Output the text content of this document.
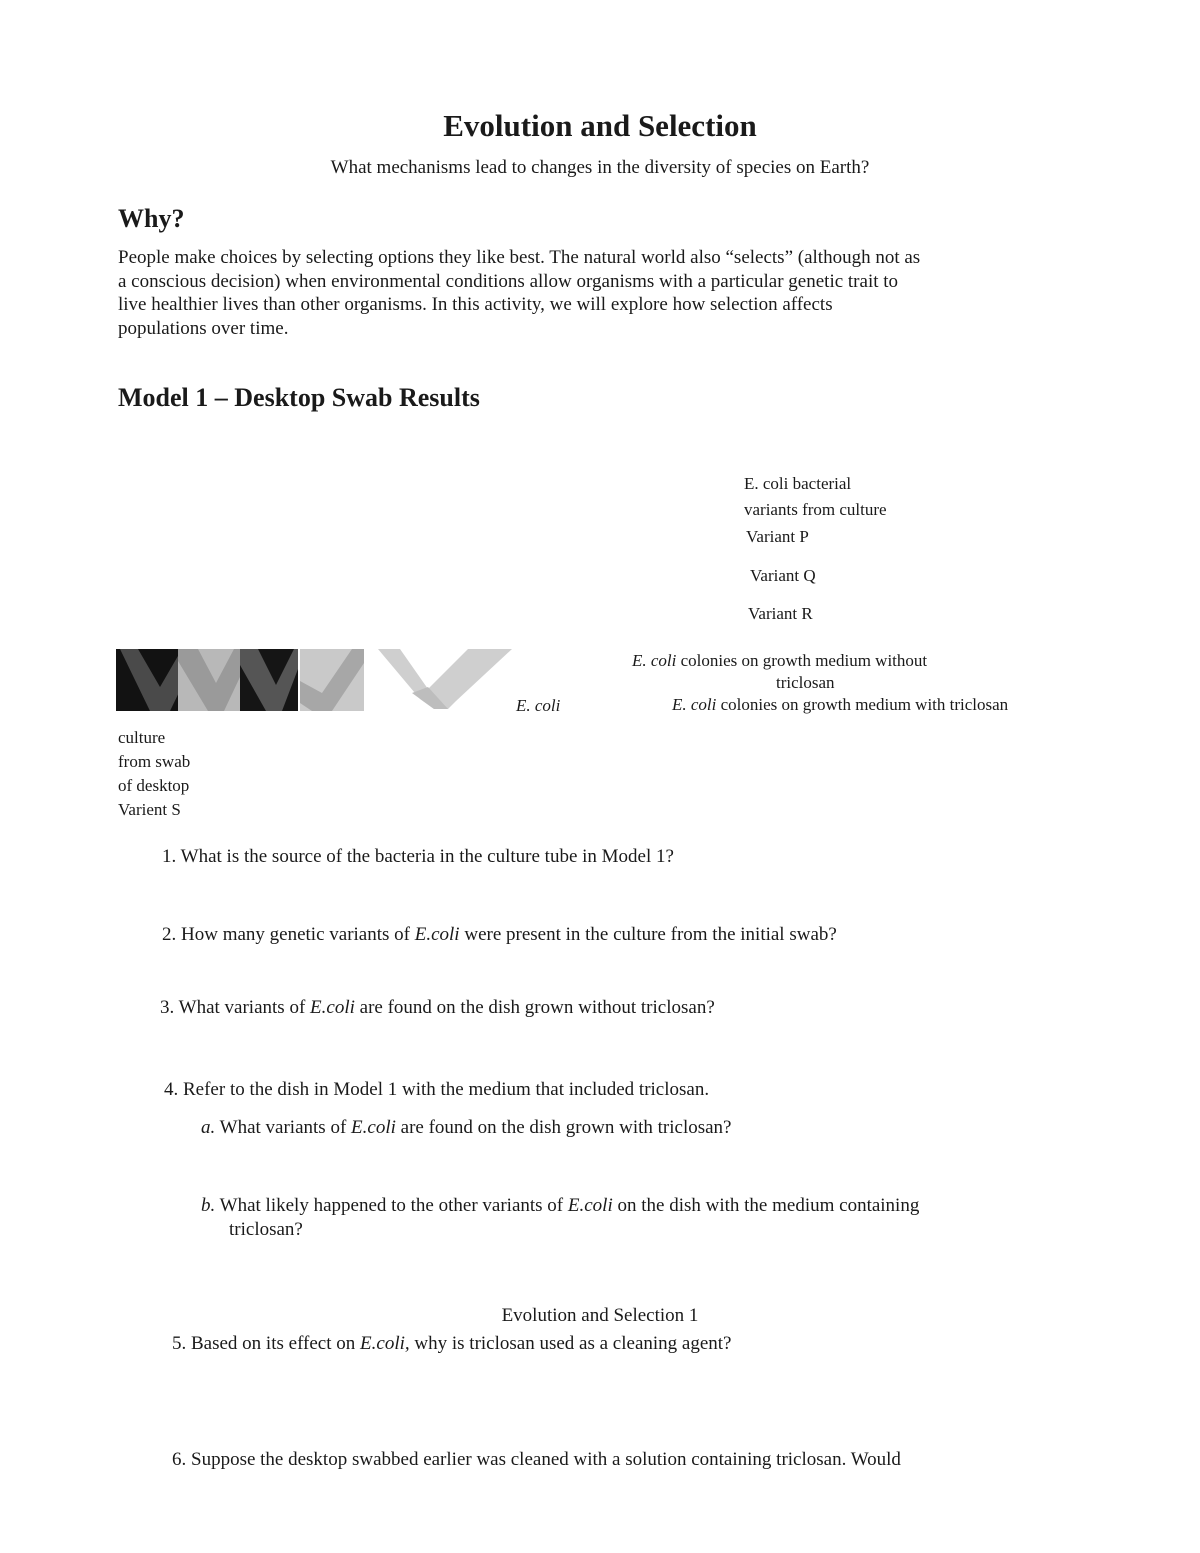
Evolution and Selection
What mechanisms lead to changes in the diversity of species on Earth?
Why?
People make choices by selecting options they like best. The natural world also “selects” (although not as
a conscious decision) when environmental conditions allow organisms with a particular genetic trait to
live healthier lives than other organisms. In this activity, we will explore how selection affects
populations over time.
Model 1 – Desktop Swab Results
E. coli bacterial
variants from culture
Variant P
Variant Q
Variant R
E. coli colonies on growth medium without
triclosan
E. coli colonies on growth medium with triclosan
E. coli
culture
from swab
of desktop
Varient S
1. What is the source of the bacteria in the culture tube in Model 1?
2. How many genetic variants of E.coli were present in the culture from the initial swab?
3. What variants of E.coli are found on the dish grown without triclosan?
4. Refer to the dish in Model 1 with the medium that included triclosan.
a. What variants of E.coli are found on the dish grown with triclosan?
b. What likely happened to the other variants of E.coli on the dish with the medium containing
triclosan?
Evolution and Selection 1
5. Based on its effect on E.coli, why is triclosan used as a cleaning agent?
6. Suppose the desktop swabbed earlier was cleaned with a solution containing triclosan. Would
